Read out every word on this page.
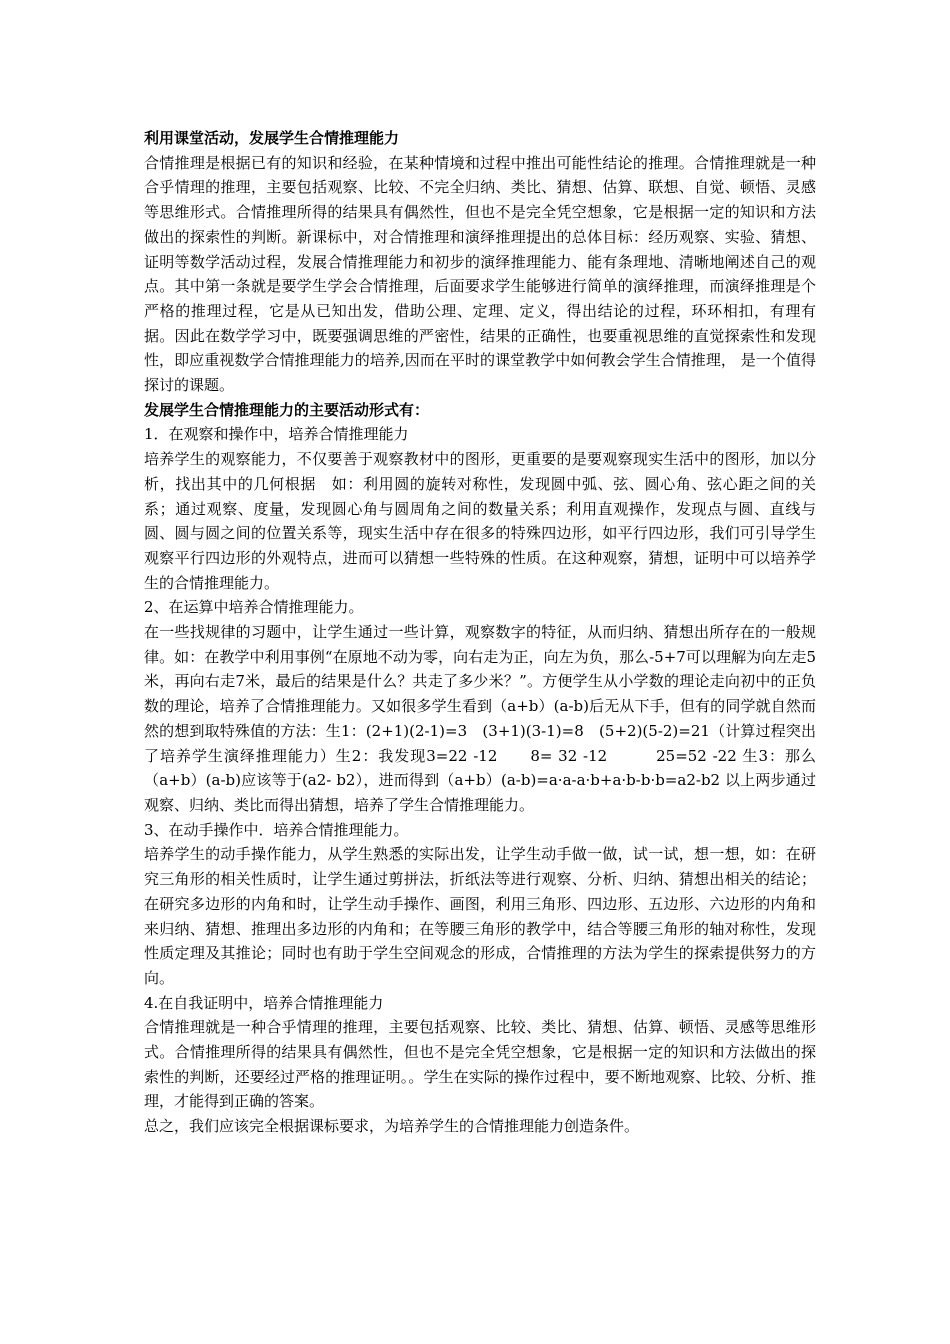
利用课堂活动，发展学生合情推理能力

合情推理是根据已有的知识和经验，在某种情境和过程中推出可能性结论的推理。合情推理就是一种合乎情理的推理，主要包括观察、比较、不完全归纳、类比、猜想、估算、联想、自觉、顿悟、灵感等思维形式。合情推理所得的结果具有偶然性，但也不是完全凭空想象，它是根据一定的知识和方法做出的探索性的判断。新课标中，对合情推理和演绎推理提出的总体目标：经历观察、实验、猜想、证明等数学活动过程，发展合情推理能力和初步的演绎推理能力、能有条理地、清晰地阐述自己的观点。其中第一条就是要学生学会合情推理，后面要求学生能够进行简单的演绎推理，而演绎推理是个严格的推理过程，它是从已知出发，借助公理、定理、定义，得出结论的过程，环环相扣，有理有据。因此在数学学习中，既要强调思维的严密性，结果的正确性，也要重视思维的直觉探索性和发现性，即应重视数学合情推理能力的培养,因而在平时的课堂教学中如何教会学生合情推理， 是一个值得探讨的课题。

发展学生合情推理能力的主要活动形式有：

1．在观察和操作中，培养合情推理能力

培养学生的观察能力，不仅要善于观察教材中的图形，更重要的是要观察现实生活中的图形，加以分析，找出其中的几何根据　如：利用圆的旋转对称性，发现圆中弧、弦、圆心角、弦心距之间的关系；通过观察、度量，发现圆心角与圆周角之间的数量关系；利用直观操作，发现点与圆、直线与圆、圆与圆之间的位置关系等，现实生活中存在很多的特殊四边形，如平行四边形，我们可引导学生观察平行四边形的外观特点，进而可以猜想一些特殊的性质。在这种观察，猜想，证明中可以培养学生的合情推理能力。

2、在运算中培养合情推理能力。

在一些找规律的习题中，让学生通过一些计算，观察数字的特征，从而归纳、猜想出所存在的一般规律。如：在教学中利用事例“在原地不动为零，向右走为正，向左为负，那么-5+7可以理解为向左走5米，再向右走7米，最后的结果是什么？共走了多少米？”。方便学生从小学数的理论走向初中的正负数的理论，培养了合情推理能力。又如很多学生看到（a+b）(a-b)后无从下手，但有的同学就自然而然的想到取特殊值的方法：生1：(2+1)(2-1)=3　(3+1)(3-1)=8　(5+2)(5-2)=21（计算过程突出了培养学生演绎推理能力）生2：我发现3=22 -12　　8= 32 -12　　　25=52 -22 生3：那么（a+b）(a-b)应该等于(a2- b2），进而得到（a+b）(a-b)=a·a-a·b+a·b-b·b=a2-b2 以上两步通过观察、归纳、类比而得出猜想，培养了学生合情推理能力。

3、在动手操作中．培养合情推理能力。

培养学生的动手操作能力，从学生熟悉的实际出发，让学生动手做一做，试一试，想一想，如：在研究三角形的相关性质时，让学生通过剪拼法，折纸法等进行观察、分析、归纳、猜想出相关的结论；在研究多边形的内角和时，让学生动手操作、画图，利用三角形、四边形、五边形、六边形的内角和来归纳、猜想、推理出多边形的内角和；在等腰三角形的教学中，结合等腰三角形的轴对称性，发现性质定理及其推论；同时也有助于学生空间观念的形成，合情推理的方法为学生的探索提供努力的方向。

4.在自我证明中，培养合情推理能力

合情推理就是一种合乎情理的推理，主要包括观察、比较、类比、猜想、估算、顿悟、灵感等思维形式。合情推理所得的结果具有偶然性，但也不是完全凭空想象，它是根据一定的知识和方法做出的探索性的判断，还要经过严格的推理证明。。学生在实际的操作过程中，要不断地观察、比较、分析、推理，才能得到正确的答案。

总之，我们应该完全根据课标要求，为培养学生的合情推理能力创造条件。
